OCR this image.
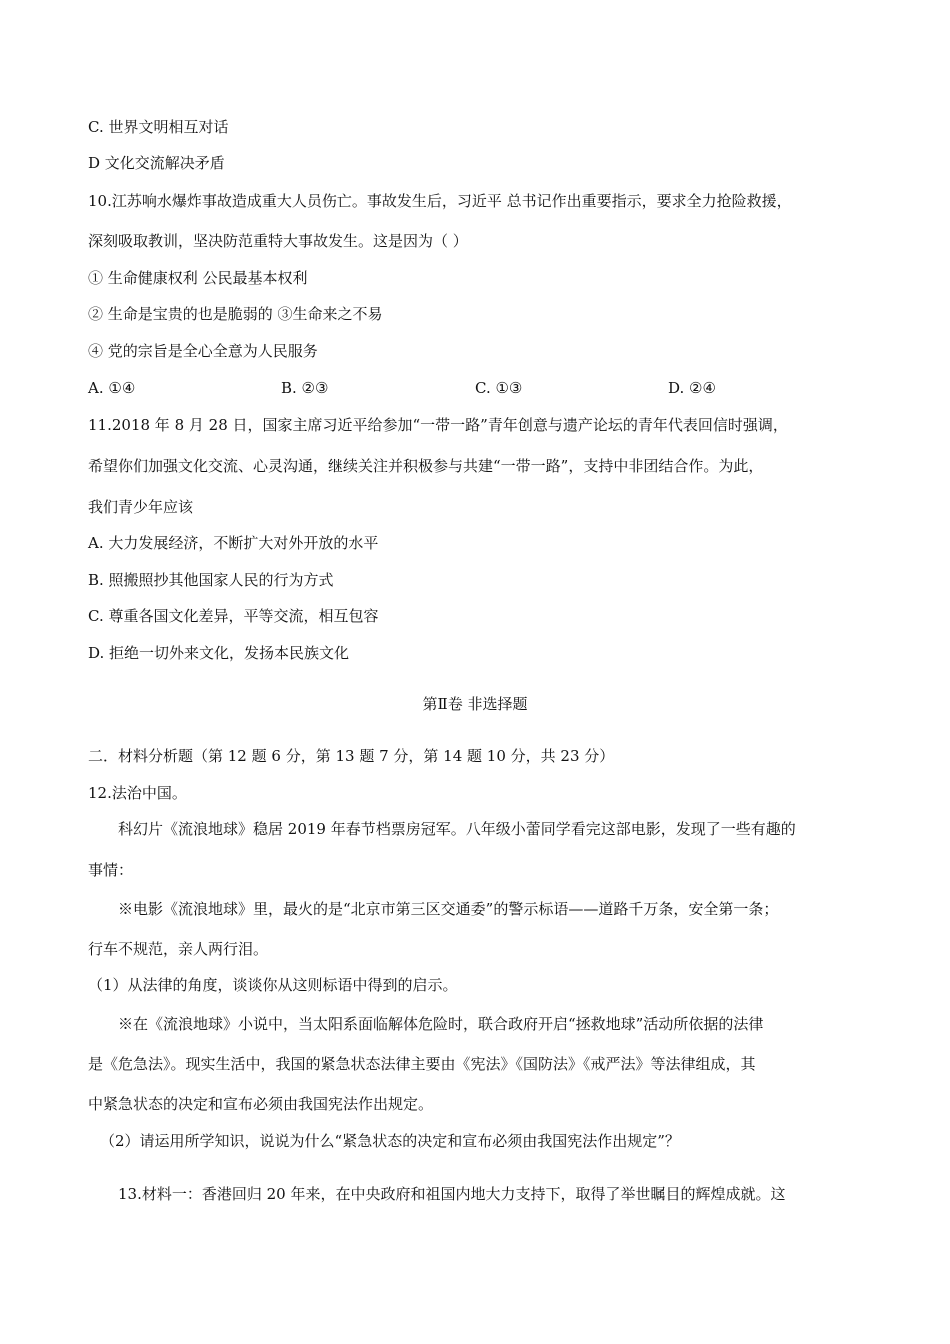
C. 世界文明相互对话
D 文化交流解决矛盾
10.江苏响水爆炸事故造成重大人员伤亡。事故发生后，习近平 总书记作出重要指示，要求全力抢险救援，
深刻吸取教训，坚决防范重特大事故发生。这是因为（ ）
① 生命健康权利 公民最基本权利
② 生命是宝贵的也是脆弱的 ③生命来之不易
④ 党的宗旨是全心全意为人民服务
A. ①④	B. ②③	C. ①③	D. ②④
11.2018 年 8 月 28 日，国家主席习近平给参加“一带一路”青年创意与遗产论坛的青年代表回信时强调，
希望你们加强文化交流、心灵沟通，继续关注并积极参与共建“一带一路”，支持中非团结合作。为此，
我们青少年应该
A. 大力发展经济，不断扩大对外开放的水平
B. 照搬照抄其他国家人民的行为方式
C. 尊重各国文化差异，平等交流，相互包容
D. 拒绝一切外来文化，发扬本民族文化
第Ⅱ卷 非选择题
二．材料分析题（第 12 题 6 分，第 13 题 7 分，第 14 题 10 分，共 23 分）
12.法治中国。
科幻片《流浪地球》稳居 2019 年春节档票房冠军。八年级小蕾同学看完这部电影，发现了一些有趣的
事情：
※电影《流浪地球》里，最火的是“北京市第三区交通委”的警示标语——道路千万条，安全第一条；
行车不规范，亲人两行泪。
（1）从法律的角度，谈谈你从这则标语中得到的启示。
※在《流浪地球》小说中，当太阳系面临解体危险时，联合政府开启“拯救地球”活动所依据的法律
是《危急法》。现实生活中，我国的紧急状态法律主要由《宪法》《国防法》《戒严法》等法律组成，其
中紧急状态的决定和宣布必须由我国宪法作出规定。
（2）请运用所学知识，说说为什么“紧急状态的决定和宣布必须由我国宪法作出规定”？
13.材料一：香港回归 20 年来，在中央政府和祖国内地大力支持下，取得了举世瞩目的辉煌成就。这
